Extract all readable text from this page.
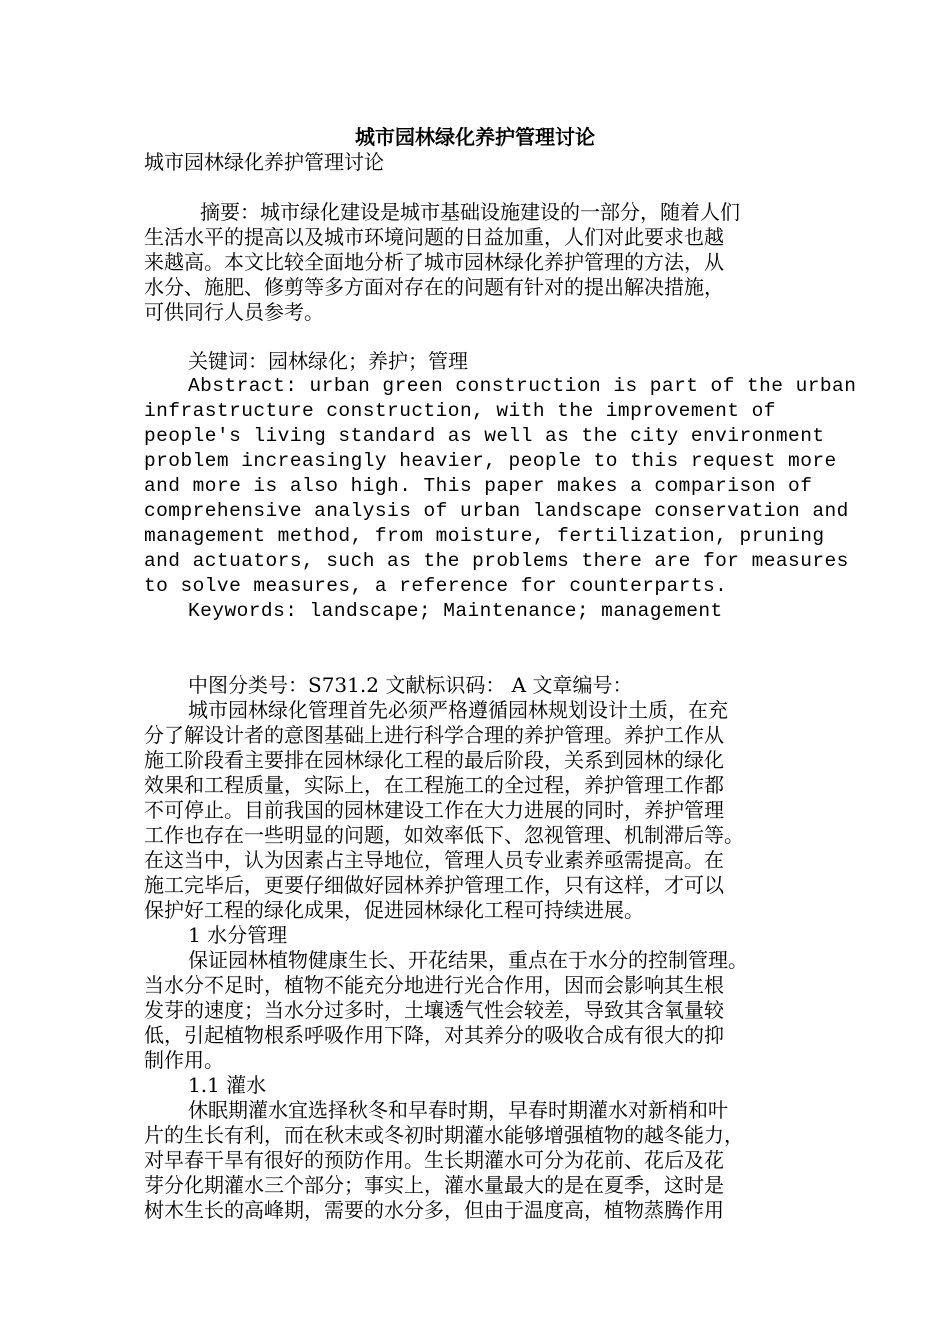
城市园林绿化养护管理讨论
城市园林绿化养护管理讨论
摘要：城市绿化建设是城市基础设施建设的一部分，随着人们
生活水平的提高以及城市环境问题的日益加重，人们对此要求也越
来越高。本文比较全面地分析了城市园林绿化养护管理的方法，从
水分、施肥、修剪等多方面对存在的问题有针对的提出解决措施，
可供同行人员参考。
关键词：园林绿化；养护；管理
Abstract: urban green construction is part of the urban
infrastructure construction, with the improvement of
people's living standard as well as the city environment
problem increasingly heavier, people to this request more
and more is also high. This paper makes a comparison of
comprehensive analysis of urban landscape conservation and
management method, from moisture, fertilization, pruning
and actuators, such as the problems there are for measures
to solve measures, a reference for counterparts.
Keywords: landscape; Maintenance; management
中图分类号：S731.2 文献标识码： A 文章编号：
城市园林绿化管理首先必须严格遵循园林规划设计土质，在充
分了解设计者的意图基础上进行科学合理的养护管理。养护工作从
施工阶段看主要排在园林绿化工程的最后阶段，关系到园林的绿化
效果和工程质量，实际上，在工程施工的全过程，养护管理工作都
不可停止。目前我国的园林建设工作在大力进展的同时，养护管理
工作也存在一些明显的问题，如效率低下、忽视管理、机制滞后等。
在这当中，认为因素占主导地位，管理人员专业素养亟需提高。在
施工完毕后，更要仔细做好园林养护管理工作，只有这样，才可以
保护好工程的绿化成果，促进园林绿化工程可持续进展。
1 水分管理
保证园林植物健康生长、开花结果，重点在于水分的控制管理。
当水分不足时，植物不能充分地进行光合作用，因而会影响其生根
发芽的速度；当水分过多时，土壤透气性会较差，导致其含氧量较
低，引起植物根系呼吸作用下降，对其养分的吸收合成有很大的抑
制作用。
1.1 灌水
休眠期灌水宜选择秋冬和早春时期，早春时期灌水对新梢和叶
片的生长有利，而在秋末或冬初时期灌水能够增强植物的越冬能力，
对早春干旱有很好的预防作用。生长期灌水可分为花前、花后及花
芽分化期灌水三个部分；事实上，灌水量最大的是在夏季，这时是
树木生长的高峰期，需要的水分多，但由于温度高，植物蒸腾作用
